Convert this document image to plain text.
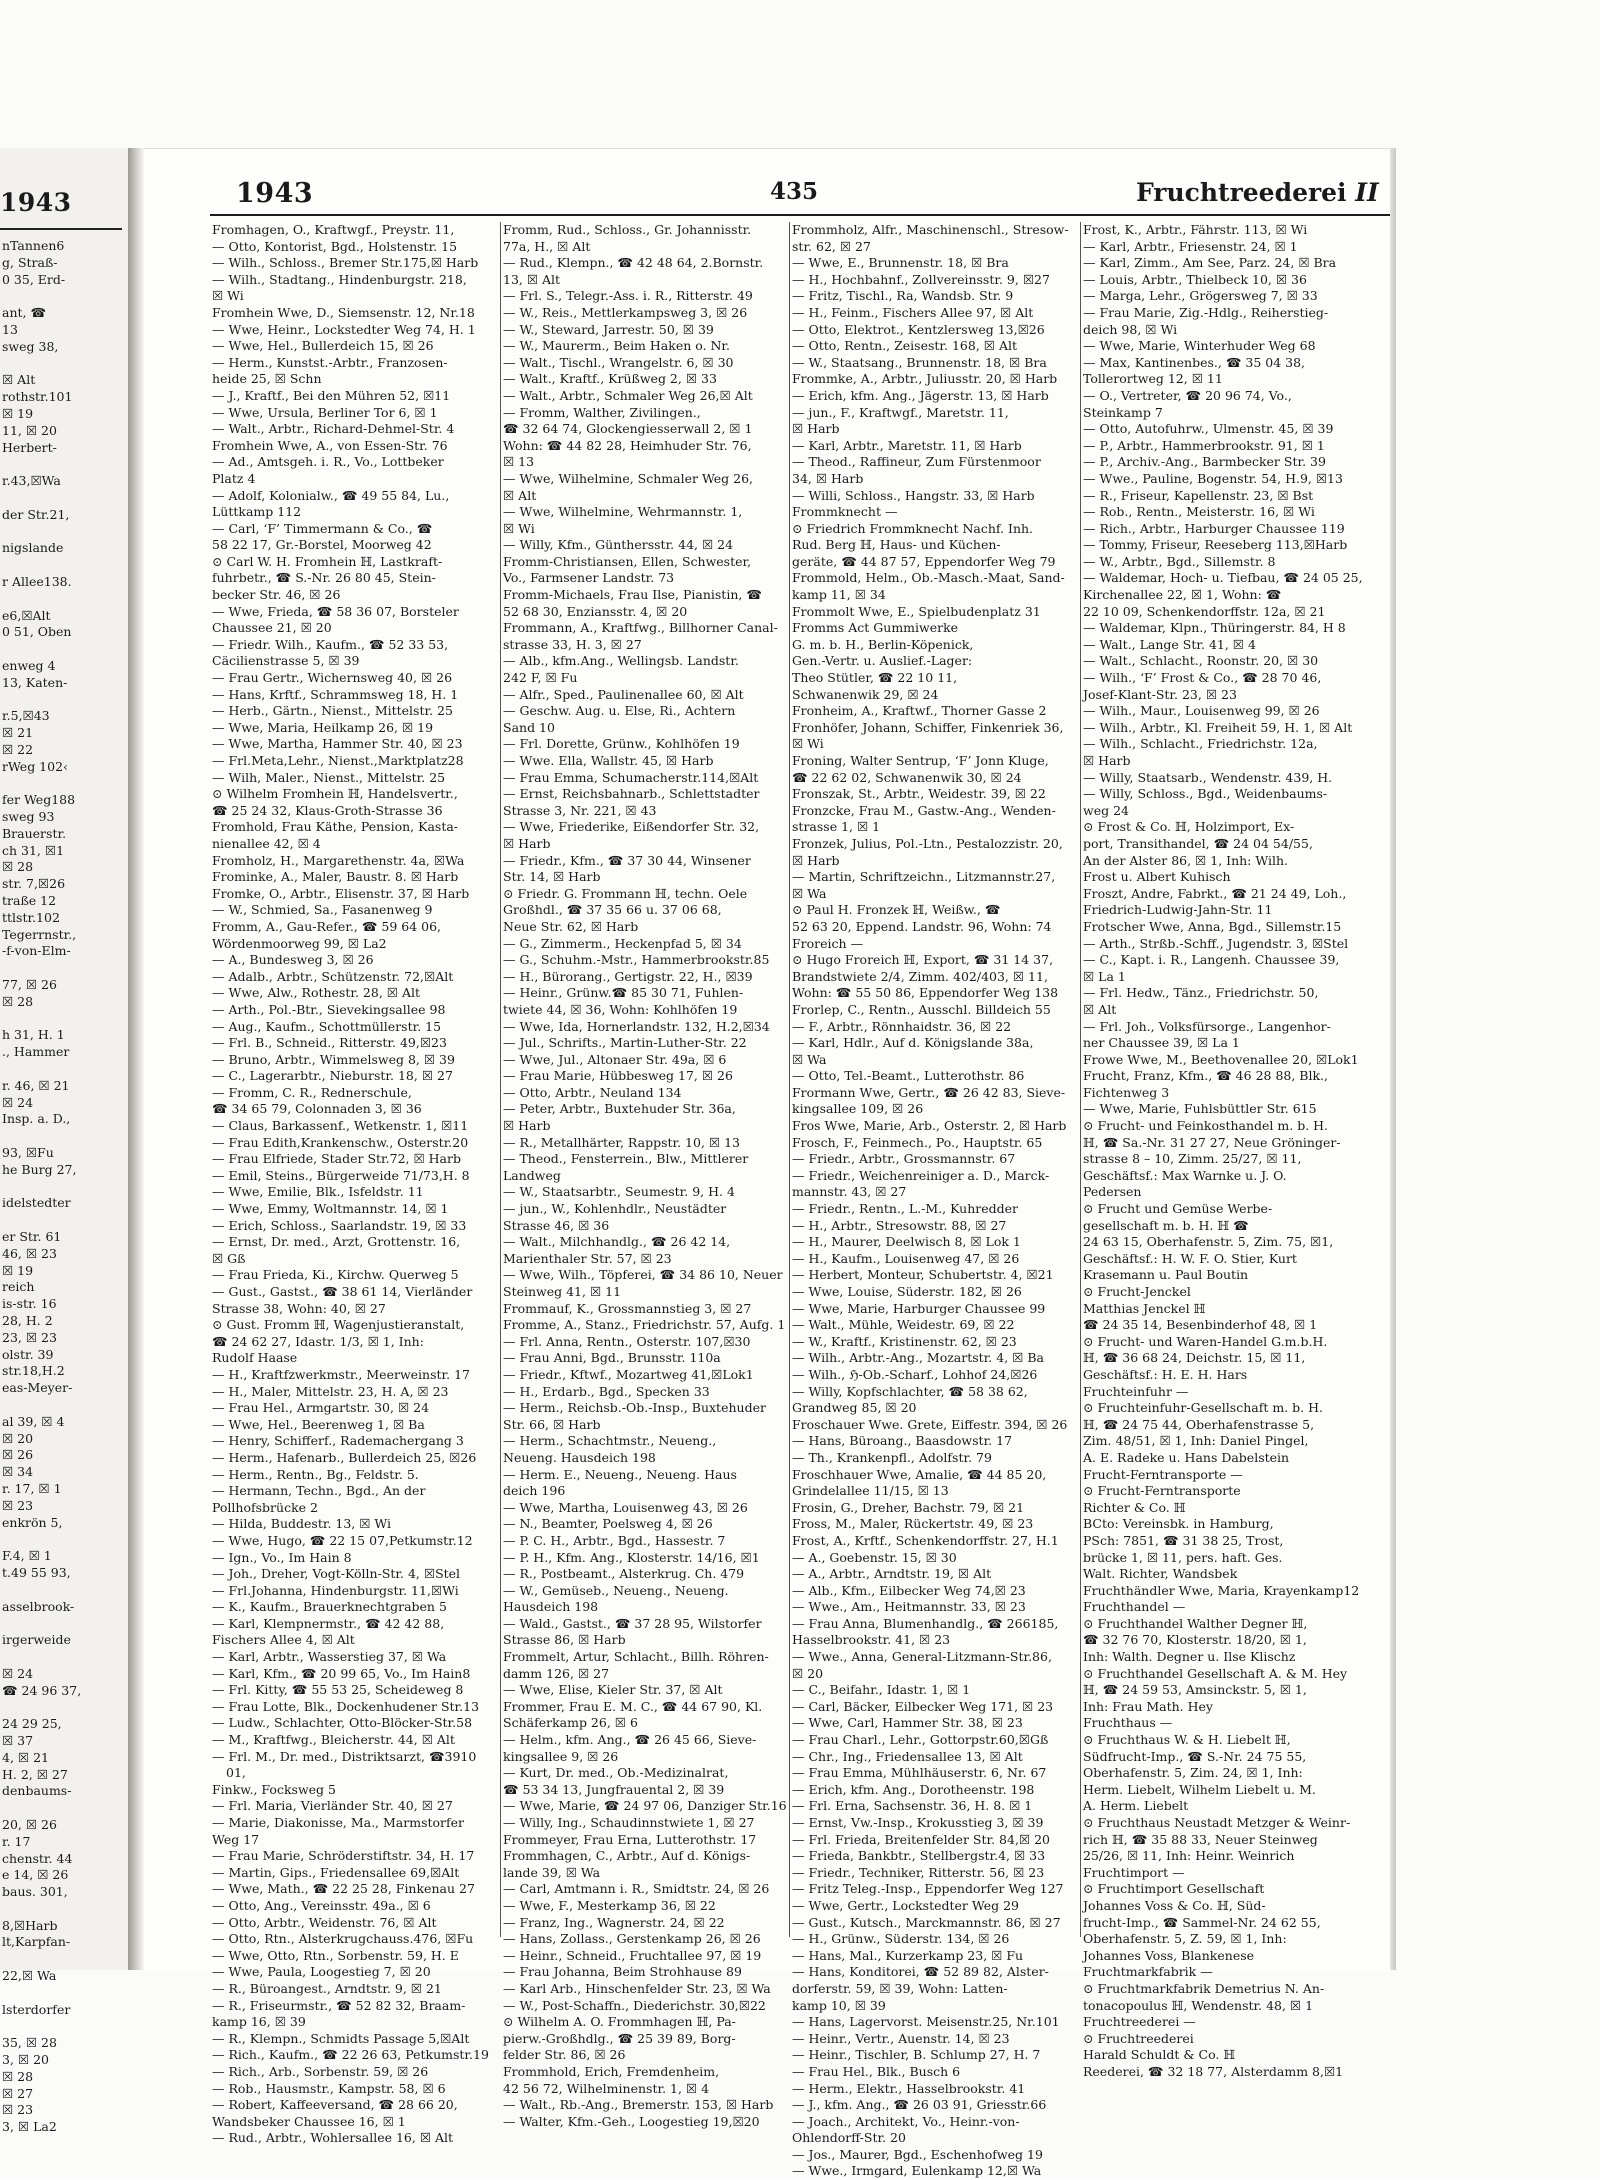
1943
nTannen6
g, Straß-
0 35, Erd-

ant, ☎
13
sweg 38,

☒ Alt
rothstr.101
☒ 19
11, ☒ 20
Herbert-

r.43,☒Wa

der Str.21,

nigslande

r Allee138.

e6,☒Alt
0 51, Oben

enweg 4
13, Katen-

r.5,☒43
☒ 21
☒ 22
rWeg 102‹

fer Weg188
sweg 93
Brauerstr.
ch 31, ☒1
☒ 28
str. 7,☒26
traße 12
ttlstr.102
Tegerrnstr.,
-f-von-Elm-

77, ☒ 26
☒ 28

h 31, H. 1
., Hammer

r. 46, ☒ 21
☒ 24
Insp. a. D.,

93, ☒Fu
he Burg 27,

idelstedter

er Str. 61
46, ☒ 23
☒ 19
reich
is-str. 16
28, H. 2
23, ☒ 23
olstr. 39
str.18,H.2
eas-Meyer-

al 39, ☒ 4
☒ 20
☒ 26
☒ 34
r. 17, ☒ 1
☒ 23
enkrön 5,

F.4, ☒ 1
t.49 55 93,

asselbrook-

irgerweide

☒ 24
☎ 24 96 37,

24 29 25,
☒ 37
4, ☒ 21
H. 2, ☒ 27
denbaums-

20, ☒ 26
r. 17
chenstr. 44
e 14, ☒ 26
baus. 301,

8,☒Harb
lt,Karpfan-

22,☒ Wa

lsterdorfer

35, ☒ 28
3, ☒ 20
☒ 28
☒ 27
☒ 23
3, ☒ La2
1943	435	Fruchtreederei II
Fromhagen, O., Kraftwgf., Preystr. 11,
— Otto, Kontorist, Bgd., Holstenstr. 15
— Wilh., Schloss., Bremer Str.175,☒ Harb
— Wilh., Stadtang., Hindenburgstr. 218,
☒ Wi
Fromhein Wwe, D., Siemsenstr. 12, Nr.18
— Wwe, Heinr., Lockstedter Weg 74, H. 1
— Wwe, Hel., Bullerdeich 15, ☒ 26
— Herm., Kunstst.-Arbtr., Franzosen-
heide 25, ☒ Schn
— J., Kraftf., Bei den Mühren 52, ☒11
— Wwe, Ursula, Berliner Tor 6, ☒ 1
— Walt., Arbtr., Richard-Dehmel-Str. 4
Fromhein Wwe, A., von Essen-Str. 76
— Ad., Amtsgeh. i. R., Vo., Lottbeker
Platz 4
— Adolf, Kolonialw., ☎ 49 55 84, Lu.,
Lüttkamp 112
— Carl, ‘F’ Timmermann & Co., ☎
58 22 17, Gr.-Borstel, Moorweg 42
⊙ Carl W. H. Fromhein ℍ, Lastkraft-
fuhrbetr., ☎ S.-Nr. 26 80 45, Stein-
becker Str. 46, ☒ 26
— Wwe, Frieda, ☎ 58 36 07, Borsteler
Chaussee 21, ☒ 20
— Friedr. Wilh., Kaufm., ☎ 52 33 53,
Cäcilienstrasse 5, ☒ 39
— Frau Gertr., Wichernsweg 40, ☒ 26
— Hans, Krftf., Schrammsweg 18, H. 1
— Herb., Gärtn., Nienst., Mittelstr. 25
— Wwe, Maria, Heilkamp 26, ☒ 19
— Wwe, Martha, Hammer Str. 40, ☒ 23
— Frl.Meta,Lehr., Nienst.,Marktplatz28
— Wilh, Maler., Nienst., Mittelstr. 25
⊙ Wilhelm Fromhein ℍ, Handelsvertr.,
☎ 25 24 32, Klaus-Groth-Strasse 36
Fromhold, Frau Käthe, Pension, Kasta-
nienallee 42, ☒ 4
Fromholz, H., Margarethenstr. 4a, ☒Wa
Frominke, A., Maler, Baustr. 8. ☒ Harb
Fromke, O., Arbtr., Elisenstr. 37, ☒ Harb
— W., Schmied, Sa., Fasanenweg 9
Fromm, A., Gau-Refer., ☎ 59 64 06,
Wördenmoorweg 99, ☒ La2
— A., Bundesweg 3, ☒ 26
— Adalb., Arbtr., Schützenstr. 72,☒Alt
— Wwe, Alw., Rothestr. 28, ☒ Alt
— Arth., Pol.-Btr., Sievekingsallee 98
— Aug., Kaufm., Schottmüllerstr. 15
— Frl. B., Schneid., Ritterstr. 49,☒23
— Bruno, Arbtr., Wimmelsweg 8, ☒ 39
— C., Lagerarbtr., Nieburstr. 18, ☒ 27
— Fromm, C. R., Rednerschule,
☎ 34 65 79, Colonnaden 3, ☒ 36
— Claus, Barkassenf., Wetkenstr. 1, ☒11
— Frau Edith,Krankenschw., Osterstr.20
— Frau Elfriede, Stader Str.72, ☒ Harb
— Emil, Steins., Bürgerweide 71/73,H. 8
— Wwe, Emilie, Blk., Isfeldstr. 11
— Wwe, Emmy, Woltmannstr. 14, ☒ 1
— Erich, Schloss., Saarlandstr. 19, ☒ 33
— Ernst, Dr. med., Arzt, Grottenstr. 16,
☒ Gß
— Frau Frieda, Ki., Kirchw. Querweg 5
— Gust., Gastst., ☎ 38 61 14, Vierländer
Strasse 38, Wohn: 40, ☒ 27
⊙ Gust. Fromm ℍ, Wagenjustieranstalt,
☎ 24 62 27, Idastr. 1/3, ☒ 1, Inh:
Rudolf Haase
— H., Kraftfzwerkmstr., Meerweinstr. 17
— H., Maler, Mittelstr. 23, H. A, ☒ 23
— Frau Hel., Armgartstr. 30, ☒ 24
— Wwe, Hel., Beerenweg 1, ☒ Ba
— Henry, Schifferf., Rademachergang 3
— Herm., Hafenarb., Bullerdeich 25, ☒26
— Herm., Rentn., Bg., Feldstr. 5.
— Hermann, Techn., Bgd., An der
Pollhofsbrücke 2
— Hilda, Buddestr. 13, ☒ Wi
— Wwe, Hugo, ☎ 22 15 07,Petkumstr.12
— Ign., Vo., Im Hain 8
— Joh., Dreher, Vogt-Kölln-Str. 4, ☒Stel
— Frl.Johanna, Hindenburgstr. 11,☒Wi
— K., Kaufm., Brauerknechtgraben 5
— Karl, Klempnermstr., ☎ 42 42 88,
Fischers Allee 4, ☒ Alt
— Karl, Arbtr., Wasserstieg 37, ☒ Wa
— Karl, Kfm., ☎ 20 99 65, Vo., Im Hain8
— Frl. Kitty, ☎ 55 53 25, Scheideweg 8
— Frau Lotte, Blk., Dockenhudener Str.13
— Ludw., Schlachter, Otto-Blöcker-Str.58
— M., Kraftfwg., Bleicherstr. 44, ☒ Alt
— Frl. M., Dr. med., Distriktsarzt, ☎3910 01,
Finkw., Focksweg 5
— Frl. Maria, Vierländer Str. 40, ☒ 27
— Marie, Diakonisse, Ma., Marmstorfer
Weg 17
— Frau Marie, Schröderstiftstr. 34, H. 17
— Martin, Gips., Friedensallee 69,☒Alt
— Wwe, Math., ☎ 22 25 28, Finkenau 27
— Otto, Ang., Vereinsstr. 49a., ☒ 6
— Otto, Arbtr., Weidenstr. 76, ☒ Alt
— Otto, Rtn., Alsterkrugchauss.476, ☒Fu
— Wwe, Otto, Rtn., Sorbenstr. 59, H. E
— Wwe, Paula, Loogestieg 7, ☒ 20
— R., Büroangest., Arndtstr. 9, ☒ 21
— R., Friseurmstr., ☎ 52 82 32, Braam-
kamp 16, ☒ 39
— R., Klempn., Schmidts Passage 5,☒Alt
— Rich., Kaufm., ☎ 22 26 63, Petkumstr.19
— Rich., Arb., Sorbenstr. 59, ☒ 26
— Rob., Hausmstr., Kampstr. 58, ☒ 6
— Robert, Kaffeeversand, ☎ 28 66 20,
Wandsbeker Chaussee 16, ☒ 1
— Rud., Arbtr., Wohlersallee 16, ☒ Alt
Fromm, Rud., Schloss., Gr. Johannisstr.
77a, H., ☒ Alt
— Rud., Klempn., ☎ 42 48 64, 2.Bornstr.
13, ☒ Alt
— Frl. S., Telegr.-Ass. i. R., Ritterstr. 49
— W., Reis., Mettlerkampsweg 3, ☒ 26
— W., Steward, Jarrestr. 50, ☒ 39
— W., Maurerm., Beim Haken o. Nr.
— Walt., Tischl., Wrangelstr. 6, ☒ 30
— Walt., Kraftf., Krüßweg 2, ☒ 33
— Walt., Arbtr., Schmaler Weg 26,☒ Alt
— Fromm, Walther, Zivilingen.,
☎ 32 64 74, Glockengiesserwall 2, ☒ 1
Wohn: ☎ 44 82 28, Heimhuder Str. 76,
☒ 13
— Wwe, Wilhelmine, Schmaler Weg 26,
☒ Alt
— Wwe, Wilhelmine, Wehrmannstr. 1,
☒ Wi
— Willy, Kfm., Günthersstr. 44, ☒ 24
Fromm-Christiansen, Ellen, Schwester,
Vo., Farmsener Landstr. 73
Fromm-Michaels, Frau Ilse, Pianistin, ☎
52 68 30, Enziansstr. 4, ☒ 20
Frommann, A., Kraftfwg., Billhorner Canal-
strasse 33, H. 3, ☒ 27
— Alb., kfm.Ang., Wellingsb. Landstr.
242 F, ☒ Fu
— Alfr., Sped., Paulinenallee 60, ☒ Alt
— Geschw. Aug. u. Else, Ri., Achtern
Sand 10
— Frl. Dorette, Grünw., Kohlhöfen 19
— Wwe. Ella, Wallstr. 45, ☒ Harb
— Frau Emma, Schumacherstr.114,☒Alt
— Ernst, Reichsbahnarb., Schlettstadter
Strasse 3, Nr. 221, ☒ 43
— Wwe, Friederike, Eißendorfer Str. 32,
☒ Harb
— Friedr., Kfm., ☎ 37 30 44, Winsener
Str. 14, ☒ Harb
⊙ Friedr. G. Frommann ℍ, techn. Oele
Großhdl., ☎ 37 35 66 u. 37 06 68,
Neue Str. 62, ☒ Harb
— G., Zimmerm., Heckenpfad 5, ☒ 34
— G., Schuhm.-Mstr., Hammerbrookstr.85
— H., Bürorang., Gertigstr. 22, H., ☒39
— Heinr., Grünw.☎ 85 30 71, Fuhlen-
twiete 44, ☒ 36, Wohn: Kohlhöfen 19
— Wwe, Ida, Hornerlandstr. 132, H.2,☒34
— Jul., Schrifts., Martin-Luther-Str. 22
— Wwe, Jul., Altonaer Str. 49a, ☒ 6
— Frau Marie, Hübbesweg 17, ☒ 26
— Otto, Arbtr., Neuland 134
— Peter, Arbtr., Buxtehuder Str. 36a,
☒ Harb
— R., Metallhärter, Rappstr. 10, ☒ 13
— Theod., Fensterrein., Blw., Mittlerer
Landweg
— W., Staatsarbtr., Seumestr. 9, H. 4
— jun., W., Kohlenhdlr., Neustädter
Strasse 46, ☒ 36
— Walt., Milchhandlg., ☎ 26 42 14,
Marienthaler Str. 57, ☒ 23
— Wwe, Wilh., Töpferei, ☎ 34 86 10, Neuer
Steinweg 41, ☒ 11
Frommauf, K., Grossmannstieg 3, ☒ 27
Fromme, A., Stanz., Friedrichstr. 57, Aufg. 1
— Frl. Anna, Rentn., Osterstr. 107,☒30
— Frau Anni, Bgd., Brunsstr. 110a
— Friedr., Kftwf., Mozartweg 41,☒Lok1
— H., Erdarb., Bgd., Specken 33
— Herm., Reichsb.-Ob.-Insp., Buxtehuder
Str. 66, ☒ Harb
— Herm., Schachtmstr., Neueng.,
Neueng. Hausdeich 198
— Herm. E., Neueng., Neueng. Haus
deich 196
— Wwe, Martha, Louisenweg 43, ☒ 26
— N., Beamter, Poelsweg 4, ☒ 26
— P. C. H., Arbtr., Bgd., Hassestr. 7
— P. H., Kfm. Ang., Klosterstr. 14/16, ☒1
— R., Postbeamt., Alsterkrug. Ch. 479
— W., Gemüseb., Neueng., Neueng.
Hausdeich 198
— Wald., Gastst., ☎ 37 28 95, Wilstorfer
Strasse 86, ☒ Harb
Frommelt, Artur, Schlacht., Billh. Röhren-
damm 126, ☒ 27
— Wwe, Elise, Kieler Str. 37, ☒ Alt
Frommer, Frau E. M. C., ☎ 44 67 90, Kl.
Schäferkamp 26, ☒ 6
— Helm., kfm. Ang., ☎ 26 45 66, Sieve-
kingsallee 9, ☒ 26
— Kurt, Dr. med., Ob.-Medizinalrat,
☎ 53 34 13, Jungfrauental 2, ☒ 39
— Wwe, Marie, ☎ 24 97 06, Danziger Str.16
— Willy, Ing., Schaudinnstwiete 1, ☒ 27
Frommeyer, Frau Erna, Lutterothstr. 17
Frommhagen, C., Arbtr., Auf d. Königs-
lande 39, ☒ Wa
— Carl, Amtmann i. R., Smidtstr. 24, ☒ 26
— Wwe, F., Mesterkamp 36, ☒ 22
— Franz, Ing., Wagnerstr. 24, ☒ 22
— Hans, Zollass., Gerstenkamp 26, ☒ 26
— Heinr., Schneid., Fruchtallee 97, ☒ 19
— Frau Johanna, Beim Strohhause 89
— Karl Arb., Hinschenfelder Str. 23, ☒ Wa
— W., Post-Schaffn., Diederichstr. 30,☒22
⊙ Wilhelm A. O. Frommhagen ℍ, Pa-
pierw.-Großhdlg., ☎ 25 39 89, Borg-
felder Str. 86, ☒ 26
Frommhold, Erich, Fremdenheim,
42 56 72, Wilhelminenstr. 1, ☒ 4
— Walt., Rb.-Ang., Bremerstr. 153, ☒ Harb
— Walter, Kfm.-Geh., Loogestieg 19,☒20
Frommholz, Alfr., Maschinenschl., Stresow-
str. 62, ☒ 27
— Wwe, E., Brunnenstr. 18, ☒ Bra
— H., Hochbahnf., Zollvereinsstr. 9, ☒27
— Fritz, Tischl., Ra, Wandsb. Str. 9
— H., Feinm., Fischers Allee 97, ☒ Alt
— Otto, Elektrot., Kentzlersweg 13,☒26
— Otto, Rentn., Zeisestr. 168, ☒ Alt
— W., Staatsang., Brunnenstr. 18, ☒ Bra
Frommke, A., Arbtr., Juliusstr. 20, ☒ Harb
— Erich, kfm. Ang., Jägerstr. 13, ☒ Harb
— jun., F., Kraftwgf., Maretstr. 11,
☒ Harb
— Karl, Arbtr., Maretstr. 11, ☒ Harb
— Theod., Raffineur, Zum Fürstenmoor
34, ☒ Harb
— Willi, Schloss., Hangstr. 33, ☒ Harb
Frommknecht —
⊙ Friedrich Frommknecht Nachf. Inh.
Rud. Berg ℍ, Haus- und Küchen-
geräte, ☎ 44 87 57, Eppendorfer Weg 79
Frommold, Helm., Ob.-Masch.-Maat, Sand-
kamp 11, ☒ 34
Frommolt Wwe, E., Spielbudenplatz 31
Fromms Act Gummiwerke
G. m. b. H., Berlin-Köpenick,
Gen.-Vertr. u. Auslief.-Lager:
Theo Stütler, ☎ 22 10 11,
Schwanenwik 29, ☒ 24
Fronheim, A., Kraftwf., Thorner Gasse 2
Fronhöfer, Johann, Schiffer, Finkenriek 36,
☒ Wi
Froning, Walter Sentrup, ‘F’ Jonn Kluge,
☎ 22 62 02, Schwanenwik 30, ☒ 24
Fronszak, St., Arbtr., Weidestr. 39, ☒ 22
Fronzcke, Frau M., Gastw.-Ang., Wenden-
strasse 1, ☒ 1
Fronzek, Julius, Pol.-Ltn., Pestalozzistr. 20,
☒ Harb
— Martin, Schriftzeichn., Litzmannstr.27,
☒ Wa
⊙ Paul H. Fronzek ℍ, Weißw., ☎
52 63 20, Eppend. Landstr. 96, Wohn: 74
Froreich —
⊙ Hugo Froreich ℍ, Export, ☎ 31 14 37,
Brandstwiete 2/4, Zimm. 402/403, ☒ 11,
Wohn: ☎ 55 50 86, Eppendorfer Weg 138
Frorlep, C., Rentn., Ausschl. Billdeich 55
— F., Arbtr., Rönnhaidstr. 36, ☒ 22
— Karl, Hdlr., Auf d. Königslande 38a,
☒ Wa
— Otto, Tel.-Beamt., Lutterothstr. 86
Frormann Wwe, Gertr., ☎ 26 42 83, Sieve-
kingsallee 109, ☒ 26
Fros Wwe, Marie, Arb., Osterstr. 2, ☒ Harb
Frosch, F., Feinmech., Po., Hauptstr. 65
— Friedr., Arbtr., Grossmannstr. 67
— Friedr., Weichenreiniger a. D., Marck-
mannstr. 43, ☒ 27
— Friedr., Rentn., L.-M., Kuhredder
— H., Arbtr., Stresowstr. 88, ☒ 27
— H., Maurer, Deelwisch 8, ☒ Lok 1
— H., Kaufm., Louisenweg 47, ☒ 26
— Herbert, Monteur, Schubertstr. 4, ☒21
— Wwe, Louise, Süderstr. 182, ☒ 26
— Wwe, Marie, Harburger Chaussee 99
— Walt., Mühle, Weidestr. 69, ☒ 22
— W., Kraftf., Kristinenstr. 62, ☒ 23
— Wilh., Arbtr.-Ang., Mozartstr. 4, ☒ Ba
— Wilh., ℌ-Ob.-Scharf., Lohhof 24,☒26
— Willy, Kopfschlachter, ☎ 58 38 62,
Grandweg 85, ☒ 20
Froschauer Wwe. Grete, Eiffestr. 394, ☒ 26
— Hans, Büroang., Baasdowstr. 17
— Th., Krankenpfl., Adolfstr. 79
Froschhauer Wwe, Amalie, ☎ 44 85 20,
Grindelallee 11/15, ☒ 13
Frosin, G., Dreher, Bachstr. 79, ☒ 21
Fross, M., Maler, Rückertstr. 49, ☒ 23
Frost, A., Krftf., Schenkendorffstr. 27, H.1
— A., Goebenstr. 15, ☒ 30
— A., Arbtr., Arndtstr. 19, ☒ Alt
— Alb., Kfm., Eilbecker Weg 74,☒ 23
— Wwe., Am., Heitmannstr. 33, ☒ 23
— Frau Anna, Blumenhandlg., ☎ 266185,
Hasselbrookstr. 41, ☒ 23
— Wwe., Anna, General-Litzmann-Str.86,
☒ 20
— C., Beifahr., Idastr. 1, ☒ 1
— Carl, Bäcker, Eilbecker Weg 171, ☒ 23
— Wwe, Carl, Hammer Str. 38, ☒ 23
— Frau Charl., Lehr., Gottorpstr.60,☒Gß
— Chr., Ing., Friedensallee 13, ☒ Alt
— Frau Emma, Mühlhäuserstr. 6, Nr. 67
— Erich, kfm. Ang., Dorotheenstr. 198
— Frl. Erna, Sachsenstr. 36, H. 8. ☒ 1
— Ernst, Vw.-Insp., Krokusstieg 3, ☒ 39
— Frl. Frieda, Breitenfelder Str. 84,☒ 20
— Frieda, Bankbtr., Stellbergstr.4, ☒ 33
— Friedr., Techniker, Ritterstr. 56, ☒ 23
— Fritz Teleg.-Insp., Eppendorfer Weg 127
— Wwe, Gertr., Lockstedter Weg 29
— Gust., Kutsch., Marckmannstr. 86, ☒ 27
— H., Grünw., Süderstr. 134, ☒ 26
— Hans, Mal., Kurzerkamp 23, ☒ Fu
— Hans, Konditorei, ☎ 52 89 82, Alster-
dorferstr. 59, ☒ 39, Wohn: Latten-
kamp 10, ☒ 39
— Hans, Lagervorst. Meisenstr.25, Nr.101
— Heinr., Vertr., Auenstr. 14, ☒ 23
— Heinr., Tischler, B. Schlump 27, H. 7
— Frau Hel., Blk., Busch 6
— Herm., Elektr., Hasselbrookstr. 41
— J., kfm. Ang., ☎ 26 03 91, Griesstr.66
— Joach., Architekt, Vo., Heinr.-von-
Ohlendorff-Str. 20
— Jos., Maurer, Bgd., Eschenhofweg 19
— Wwe., Irmgard, Eulenkamp 12,☒ Wa
Frost, K., Arbtr., Fährstr. 113, ☒ Wi
— Karl, Arbtr., Friesenstr. 24, ☒ 1
— Karl, Zimm., Am See, Parz. 24, ☒ Bra
— Louis, Arbtr., Thielbeck 10, ☒ 36
— Marga, Lehr., Grögersweg 7, ☒ 33
— Frau Marie, Zig.-Hdlg., Reiherstieg-
deich 98, ☒ Wi
— Wwe, Marie, Winterhuder Weg 68
— Max, Kantinenbes., ☎ 35 04 38,
Tollerortweg 12, ☒ 11
— O., Vertreter, ☎ 20 96 74, Vo.,
Steinkamp 7
— Otto, Autofuhrw., Ulmenstr. 45, ☒ 39
— P., Arbtr., Hammerbrookstr. 91, ☒ 1
— P., Archiv.-Ang., Barmbecker Str. 39
— Wwe., Pauline, Bogenstr. 54, H.9, ☒13
— R., Friseur, Kapellenstr. 23, ☒ Bst
— Rob., Rentn., Meisterstr. 16, ☒ Wi
— Rich., Arbtr., Harburger Chaussee 119
— Tommy, Friseur, Reeseberg 113,☒Harb
— W., Arbtr., Bgd., Sillemstr. 8
— Waldemar, Hoch- u. Tiefbau, ☎ 24 05 25,
Kirchenallee 22, ☒ 1, Wohn: ☎
22 10 09, Schenkendorffstr. 12a, ☒ 21
— Waldemar, Klpn., Thüringerstr. 84, H 8
— Walt., Lange Str. 41, ☒ 4
— Walt., Schlacht., Roonstr. 20, ☒ 30
— Wilh., ‘F’ Frost & Co., ☎ 28 70 46,
Josef-Klant-Str. 23, ☒ 23
— Wilh., Maur., Louisenweg 99, ☒ 26
— Wilh., Arbtr., Kl. Freiheit 59, H. 1, ☒ Alt
— Wilh., Schlacht., Friedrichstr. 12a,
☒ Harb
— Willy, Staatsarb., Wendenstr. 439, H.
— Willy, Schloss., Bgd., Weidenbaums-
weg 24
⊙ Frost & Co. ℍ, Holzimport, Ex-
port, Transithandel, ☎ 24 04 54/55,
An der Alster 86, ☒ 1, Inh: Wilh.
Frost u. Albert Kuhisch
Froszt, Andre, Fabrkt., ☎ 21 24 49, Loh.,
Friedrich-Ludwig-Jahn-Str. 11
Frotscher Wwe, Anna, Bgd., Sillemstr.15
— Arth., Strßb.-Schff., Jugendstr. 3, ☒Stel
— C., Kapt. i. R., Langenh. Chaussee 39,
☒ La 1
— Frl. Hedw., Tänz., Friedrichstr. 50,
☒ Alt
— Frl. Joh., Volksfürsorge., Langenhor-
ner Chaussee 39, ☒ La 1
Frowe Wwe, M., Beethovenallee 20, ☒Lok1
Frucht, Franz, Kfm., ☎ 46 28 88, Blk.,
Fichtenweg 3
— Wwe, Marie, Fuhlsbüttler Str. 615
⊙ Frucht- und Feinkosthandel m. b. H.
ℍ, ☎ Sa.-Nr. 31 27 27, Neue Gröninger-
strasse 8 – 10, Zimm. 25/27, ☒ 11,
Geschäftsf.: Max Warnke u. J. O.
Pedersen
⊙ Frucht und Gemüse Werbe-
gesellschaft m. b. H. ℍ ☎
24 63 15, Oberhafenstr. 5, Zim. 75, ☒1,
Geschäftsf.: H. W. F. O. Stier, Kurt
Krasemann u. Paul Boutin
⊙ Frucht-Jenckel
Matthias Jenckel ℍ
☎ 24 35 14, Besenbinderhof 48, ☒ 1
⊙ Frucht- und Waren-Handel G.m.b.H.
ℍ, ☎ 36 68 24, Deichstr. 15, ☒ 11,
Geschäftsf.: H. E. H. Hars
Fruchteinfuhr —
⊙ Fruchteinfuhr-Gesellschaft m. b. H.
ℍ, ☎ 24 75 44, Oberhafenstrasse 5,
Zim. 48/51, ☒ 1, Inh: Daniel Pingel,
A. E. Radeke u. Hans Dabelstein
Frucht-Ferntransporte —
⊙ Frucht-Ferntransporte
Richter & Co. ℍ
BCto: Vereinsbk. in Hamburg,
PSch: 7851, ☎ 31 38 25, Trost,
brücke 1, ☒ 11, pers. haft. Ges.
Walt. Richter, Wandsbek
Fruchthändler Wwe, Maria, Krayenkamp12
Fruchthandel —
⊙ Fruchthandel Walther Degner ℍ,
☎ 32 76 70, Klosterstr. 18/20, ☒ 1,
Inh: Walth. Degner u. Ilse Klischz
⊙ Fruchthandel Gesellschaft A. & M. Hey
ℍ, ☎ 24 59 53, Amsinckstr. 5, ☒ 1,
Inh: Frau Math. Hey
Fruchthaus —
⊙ Fruchthaus W. & H. Liebelt ℍ,
Südfrucht-Imp., ☎ S.-Nr. 24 75 55,
Oberhafenstr. 5, Zim. 24, ☒ 1, Inh:
Herm. Liebelt, Wilhelm Liebelt u. M.
A. Herm. Liebelt
⊙ Fruchthaus Neustadt Metzger & Weinr-
rich ℍ, ☎ 35 88 33, Neuer Steinweg
25/26, ☒ 11, Inh: Heinr. Weinrich
Fruchtimport —
⊙ Fruchtimport Gesellschaft
Johannes Voss & Co. ℍ, Süd-
frucht-Imp., ☎ Sammel-Nr. 24 62 55,
Oberhafenstr. 5, Z. 59, ☒ 1, Inh:
Johannes Voss, Blankenese
Fruchtmarkfabrik —
⊙ Fruchtmarkfabrik Demetrius N. An-
tonacopoulus ℍ, Wendenstr. 48, ☒ 1
Fruchtreederei —
⊙ Fruchtreederei
Harald Schuldt & Co. ℍ
Reederei, ☎ 32 18 77, Alsterdamm 8,☒1
